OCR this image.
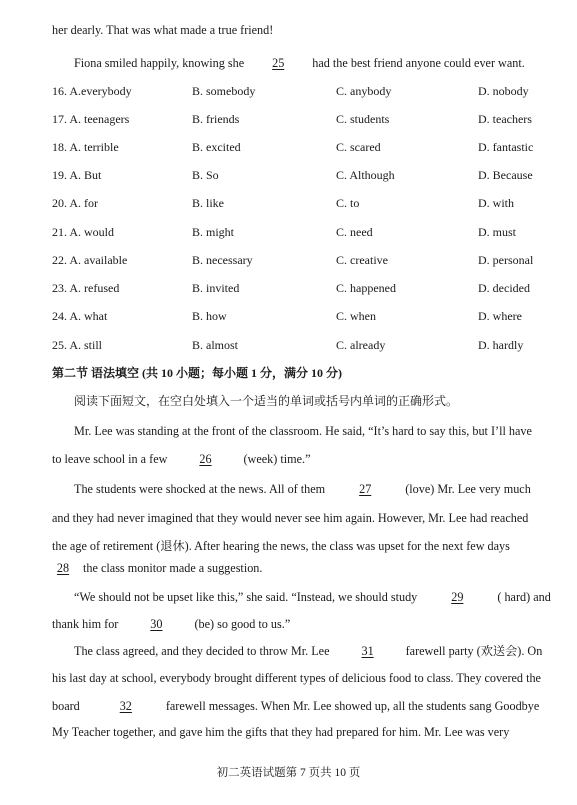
her dearly. That was what made a true friend!
Fiona smiled happily, knowing she 25 had the best friend anyone could ever want.
16. A.everybody	B. somebody	C. anybody	D. nobody
17. A. teenagers	B. friends	C. students	D. teachers
18. A. terrible	B. excited	C. scared	D. fantastic
19. A. But	B. So	C. Although	D. Because
20. A. for	B. like	C. to	D. with
21. A. would	B. might	C. need	D. must
22. A. available	B. necessary	C. creative	D. personal
23. A. refused	B. invited	C. happened	D. decided
24. A. what	B. how	C. when	D. where
25. A. still	B. almost	C. already	D. hardly
第二节 语法填空 (共 10 小题；每小题 1 分，满分 10 分)
阅读下面短文，在空白处填入一个适当的单词或括号内单词的正确形式。
Mr. Lee was standing at the front of the classroom. He said, “It’s hard to say this, but I’ll have
to leave school in a few	26	(week) time.”
The students were shocked at the news. All of them	27	(love) Mr. Lee very much
and they had never imagined that they would never see him again. However, Mr. Lee had reached
the age of retirement (退休). After hearing the news, the class was upset for the next few days
28 the class monitor made a suggestion.
“We should not be upset like this,” she said. “Instead, we should study	29	( hard) and
thank him for	30	(be) so good to us.”
The class agreed, and they decided to throw Mr. Lee	31	farewell party (欢送会). On
his last day at school, everybody brought different types of delicious food to class. They covered the
board	32	farewell messages. When Mr. Lee showed up, all the students sang Goodbye
My Teacher together, and gave him the gifts that they had prepared for him. Mr. Lee was very
初二英语试题第 7 页共 10 页
